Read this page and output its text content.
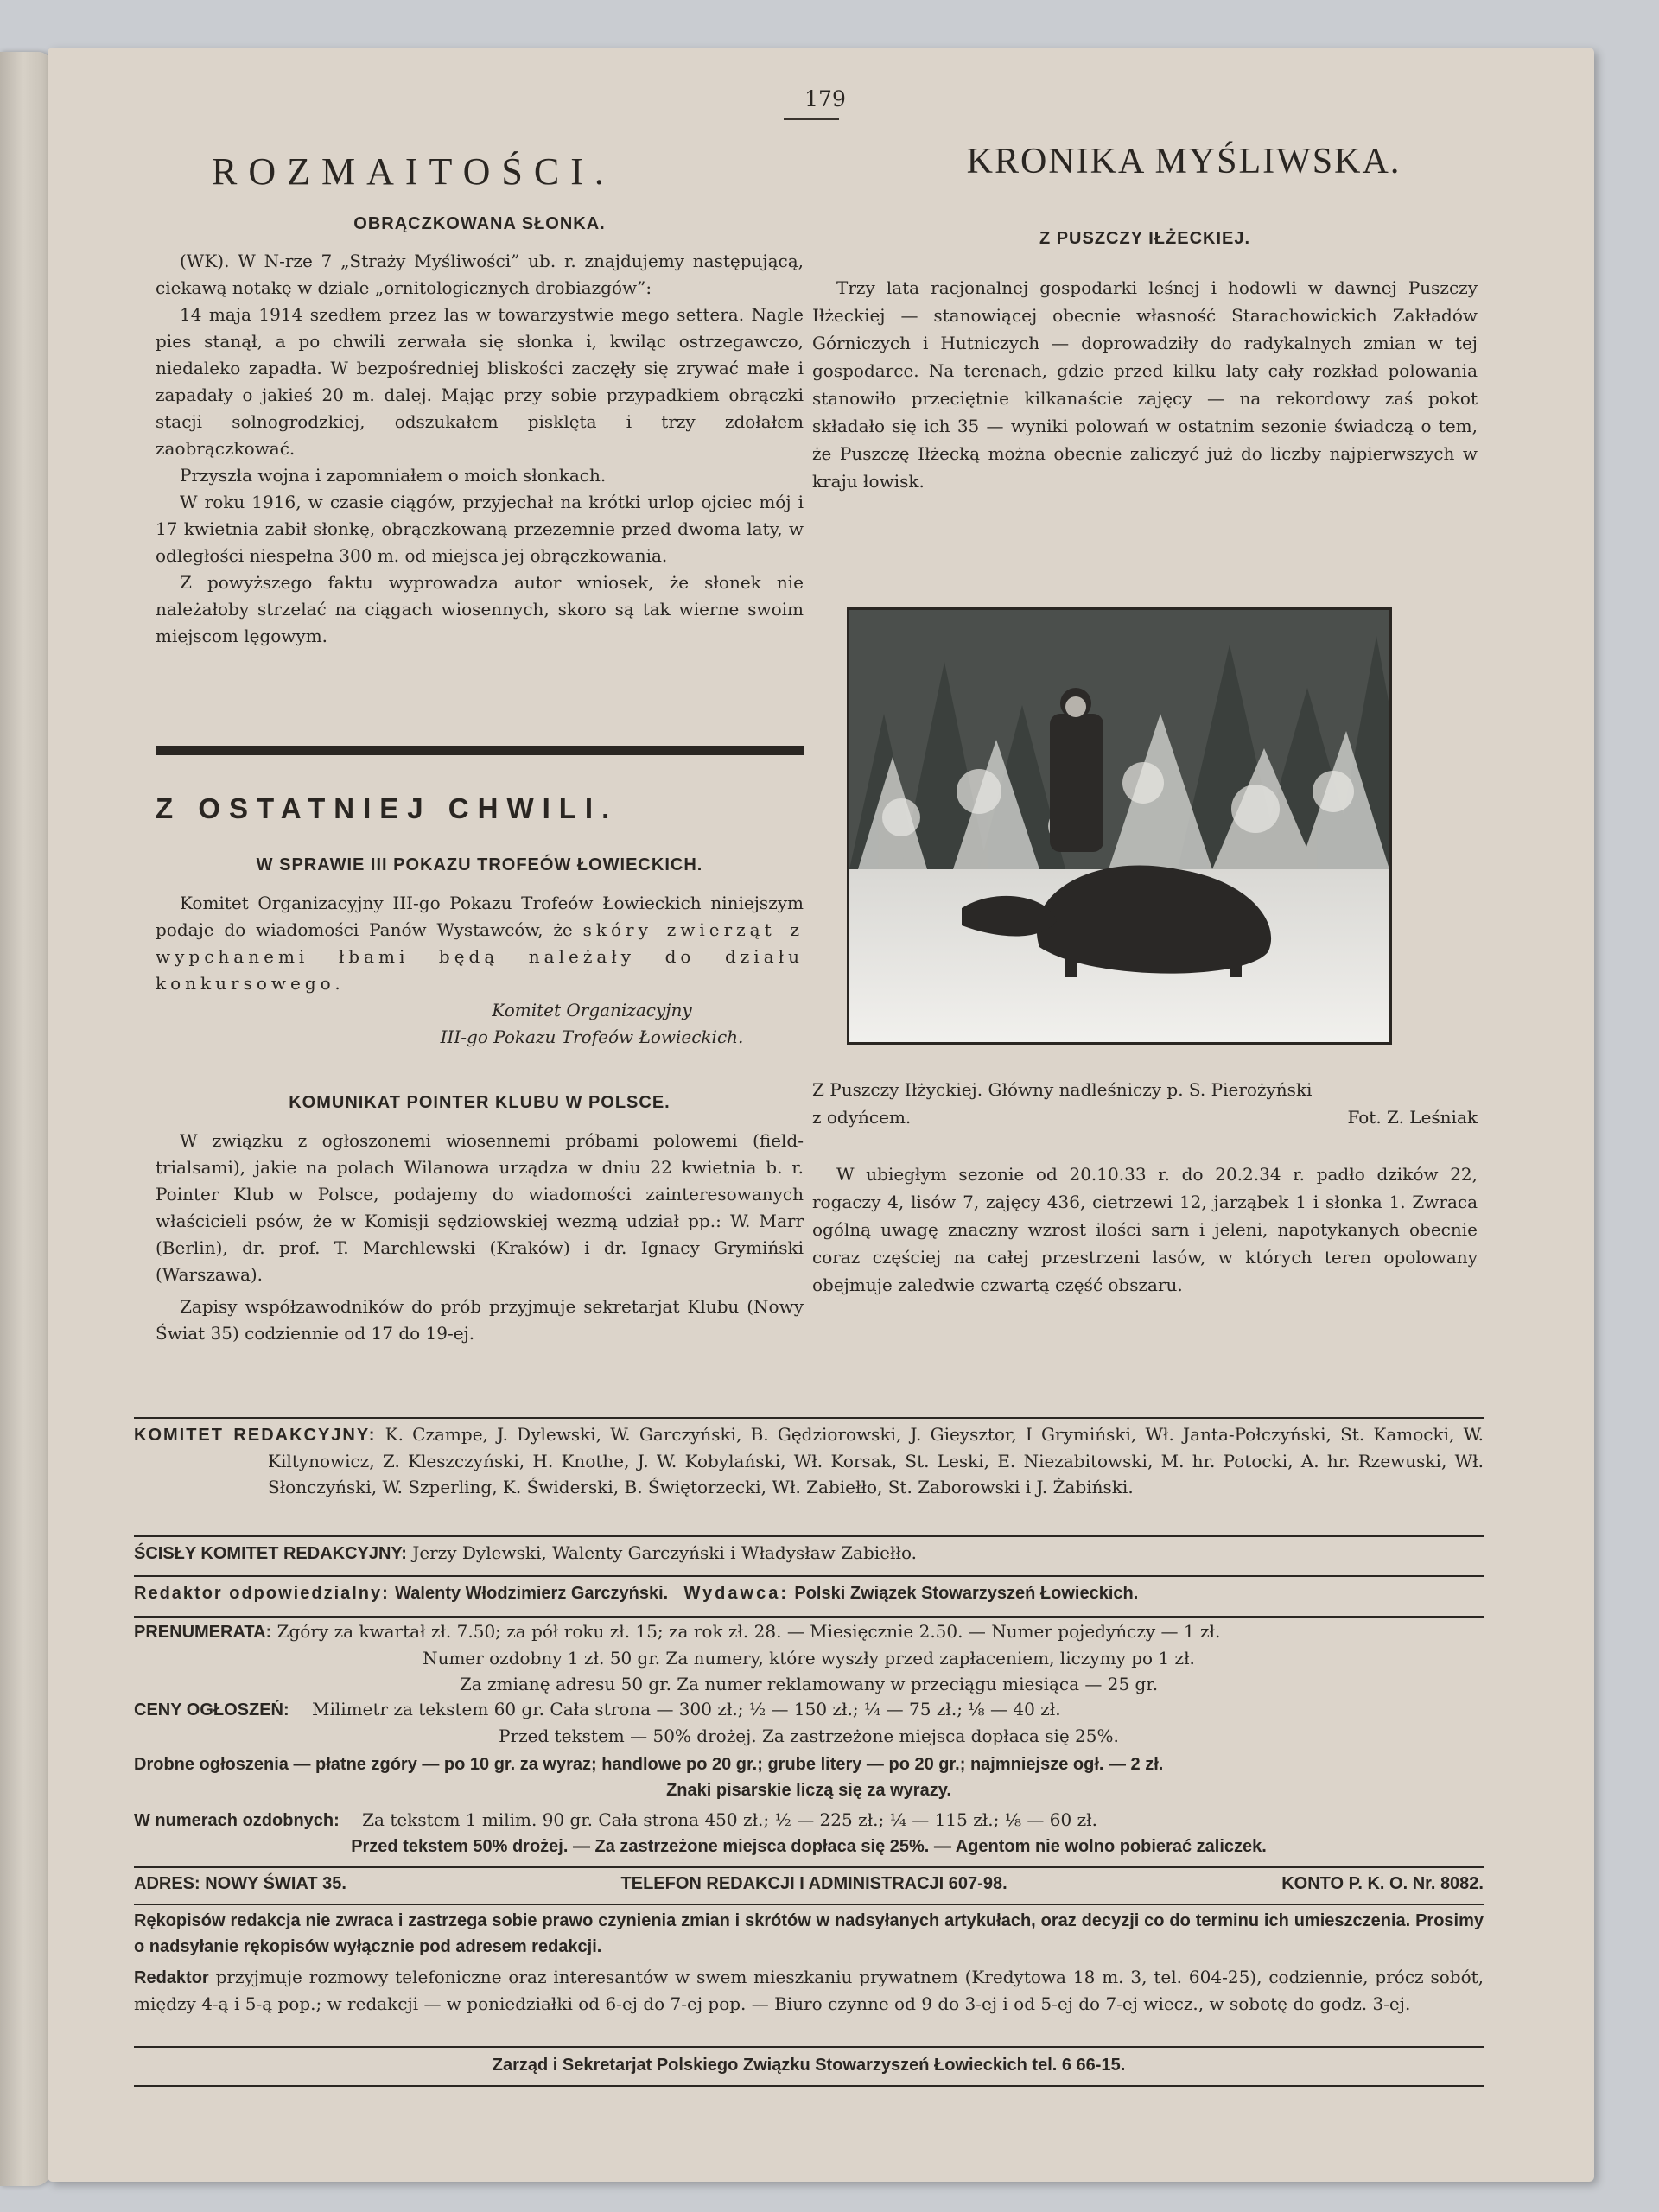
179
ROZMAITOŚCI.	KRONIKA MYŚLIWSKA.
OBRĄCZKOWANA SŁONKA.

(WK). W N-rze 7 „Straży Myśliwości” ub. r. znajdujemy następującą, ciekawą notakę w dziale „ornitologicznych drobiazgów”:

14 maja 1914 szedłem przez las w towarzystwie mego settera. Nagle pies stanął, a po chwili zerwała się słonka i, kwiląc ostrzegawczo, niedaleko zapadła. W bezpośredniej bliskości zaczęły się zrywać małe i zapadały o jakieś 20 m. dalej. Mając przy sobie przypadkiem obrączki stacji solnogrodzkiej, odszukałem pisklęta i trzy zdołałem zaobrączkować.

Przyszła wojna i zapomniałem o moich słonkach.

W roku 1916, w czasie ciągów, przyjechał na krótki urlop ojciec mój i 17 kwietnia zabił słonkę, obrączkowaną przezemnie przed dwoma laty, w odległości niespełna 300 m. od miejsca jej obrączkowania.

Z powyższego faktu wyprowadza autor wniosek, że słonek nie należałoby strzelać na ciągach wiosennych, skoro są tak wierne swoim miejscom lęgowym.

Z OSTATNIEJ CHWILI.
W SPRAWIE III POKAZU TROFEÓW ŁOWIECKICH.

Komitet Organizacyjny III-go Pokazu Trofeów Łowieckich niniejszym podaje do wiadomości Panów Wystawców, że skóry zwierząt z wypchanemi łbami będą należały do działu konkursowego.

Komitet Organizacyjny
III-go Pokazu Trofeów Łowieckich.
KOMUNIKAT POINTER KLUBU W POLSCE.

W związku z ogłoszonemi wiosennemi próbami polowemi (field-trialsami), jakie na polach Wilanowa urządza w dniu 22 kwietnia b. r. Pointer Klub w Polsce, podajemy do wiadomości zainteresowanych właścicieli psów, że w Komisji sędziowskiej wezmą udział pp.: W. Marr (Berlin), dr. prof. T. Marchlewski (Kraków) i dr. Ignacy Grymiński (Warszawa).

Zapisy współzawodników do prób przyjmuje sekretarjat Klubu (Nowy Świat 35) codziennie od 17 do 19-ej.

Z PUSZCZY IŁŻECKIEJ.

Trzy lata racjonalnej gospodarki leśnej i hodowli w dawnej Puszczy Iłżeckiej — stanowiącej obecnie własność Starachowickich Zakładów Górniczych i Hutniczych — doprowadziły do radykalnych zmian w tej gospodarce. Na terenach, gdzie przed kilku laty cały rozkład polowania stanowiło przeciętnie kilkanaście zajęcy — na rekordowy zaś pokot składało się ich 35 — wyniki polowań w ostatnim sezonie świadczą o tem, że Puszczę Iłżecką można obecnie zaliczyć już do liczby najpierwszych w kraju łowisk.

Z Puszczy Iłżyckiej. Główny nadleśniczy p. S. Pierożyński
z odyńcem.	Fot. Z. Leśniak

W ubiegłym sezonie od 20.10.33 r. do 20.2.34 r. padło dzików 22, rogaczy 4, lisów 7, zajęcy 436, cietrzewi 12, jarząbek 1 i słonka 1. Zwraca ogólną uwagę znaczny wzrost ilości sarn i jeleni, napotykanych obecnie coraz częściej na całej przestrzeni lasów, w których teren opolowany obejmuje zaledwie czwartą część obszaru.

KOMITET REDAKCYJNY: K. Czampe, J. Dylewski, W. Garczyński, B. Gędziorowski, J. Gieysztor, I Grymiński, Wł. Janta-Połczyński, St. Kamocki, W. Kiltynowicz, Z. Kleszczyński, H. Knothe, J. W. Kobylański, Wł. Korsak, St. Leski, E. Niezabitowski, M. hr. Potocki, A. hr. Rzewuski, Wł. Słonczyński, W. Szperling, K. Świderski, B. Świętorzecki, Wł. Zabiełło, St. Zaborowski i J. Żabiński.
ŚCISŁY KOMITET REDAKCYJNY: Jerzy Dylewski, Walenty Garczyński i Władysław Zabiełło.
Redaktor odpowiedzialny: Walenty Włodzimierz Garczyński. Wydawca: Polski Związek Stowarzyszeń Łowieckich.
PRENUMERATA: Zgóry za kwartał zł. 7.50; za pół roku zł. 15; za rok zł. 28. — Miesięcznie 2.50. — Numer pojedyńczy — 1 zł.
Numer ozdobny 1 zł. 50 gr. Za numery, które wyszły przed zapłaceniem, liczymy po 1 zł.
Za zmianę adresu 50 gr. Za numer reklamowany w przeciągu miesiąca — 25 gr.
CENY OGŁOSZEŃ: Milimetr za tekstem 60 gr. Cała strona — 300 zł.; ½ — 150 zł.; ¼ — 75 zł.; ⅛ — 40 zł.
Przed tekstem — 50% drożej. Za zastrzeżone miejsca dopłaca się 25%.
Drobne ogłoszenia — płatne zgóry — po 10 gr. za wyraz; handlowe po 20 gr.; grube litery — po 20 gr.; najmniejsze ogł. — 2 zł.
Znaki pisarskie liczą się za wyrazy.
W numerach ozdobnych: Za tekstem 1 milim. 90 gr. Cała strona 450 zł.; ½ — 225 zł.; ¼ — 115 zł.; ⅛ — 60 zł.
Przed tekstem 50% drożej. — Za zastrzeżone miejsca dopłaca się 25%. — Agentom nie wolno pobierać zaliczek.
ADRES: NOWY ŚWIAT 35.	TELEFON REDAKCJI I ADMINISTRACJI 607-98.	KONTO P. K. O. Nr. 8082.
Rękopisów redakcja nie zwraca i zastrzega sobie prawo czynienia zmian i skrótów w nadsyłanych artykułach, oraz decyzji co do terminu ich umieszczenia. Prosimy o nadsyłanie rękopisów wyłącznie pod adresem redakcji.
Redaktor przyjmuje rozmowy telefoniczne oraz interesantów w swem mieszkaniu prywatnem (Kredytowa 18 m. 3, tel. 604-25), codziennie, prócz sobót, między 4-ą i 5-ą pop.; w redakcji — w poniedziałki od 6-ej do 7-ej pop. — Biuro czynne od 9 do 3-ej i od 5-ej do 7-ej wiecz., w sobotę do godz. 3-ej.
Zarząd i Sekretarjat Polskiego Związku Stowarzyszeń Łowieckich tel. 6 66-15.
